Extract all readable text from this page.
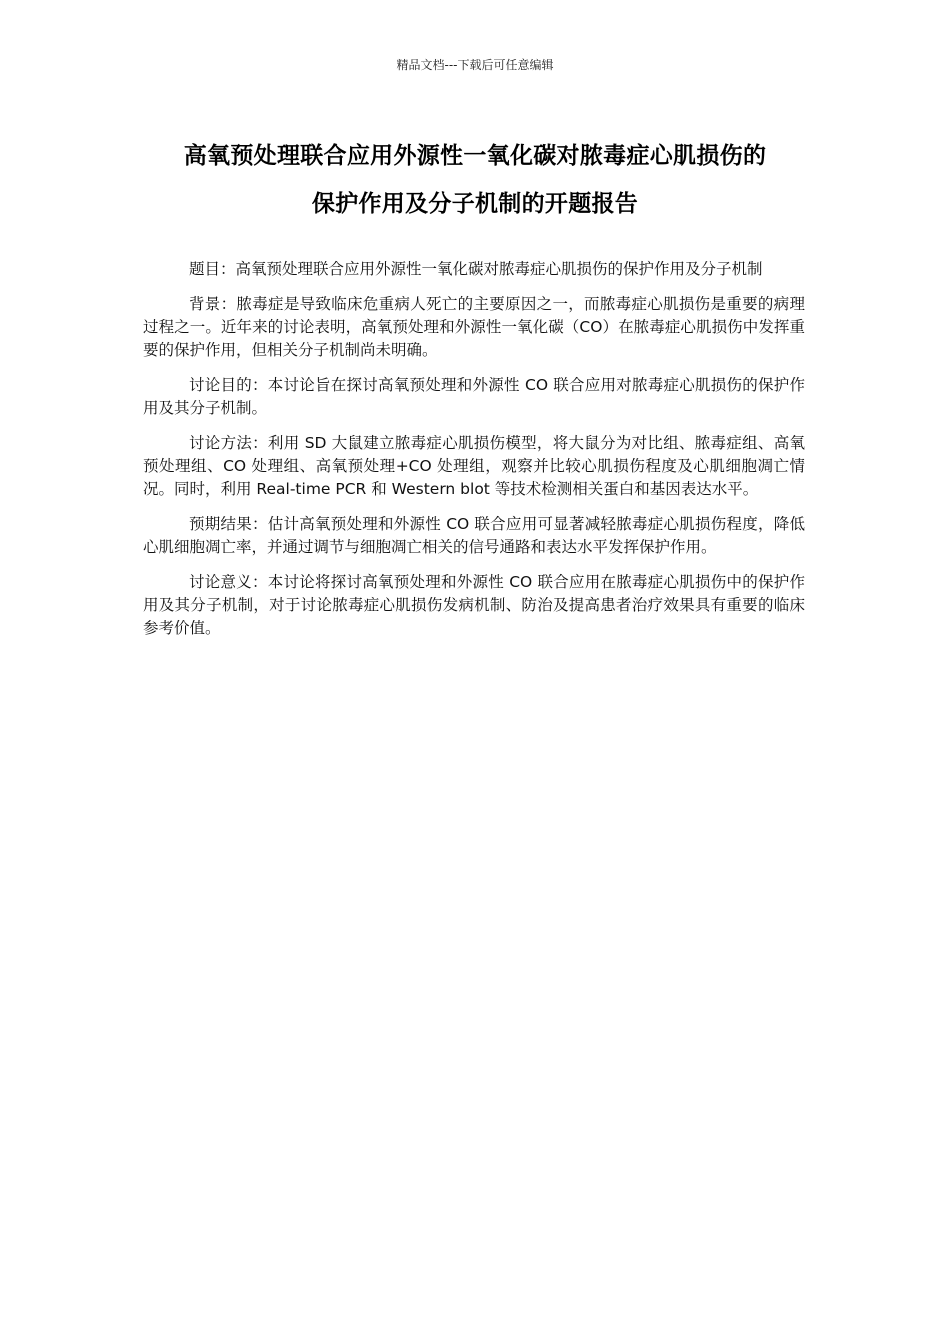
精品文档---下载后可任意编辑
高氧预处理联合应用外源性一氧化碳对脓毒症心肌损伤的
保护作用及分子机制的开题报告

题目：高氧预处理联合应用外源性一氧化碳对脓毒症心肌损伤的保护作用及分子机制

背景：脓毒症是导致临床危重病人死亡的主要原因之一，而脓毒症心肌损伤是重要的病理过程之一。近年来的讨论表明，高氧预处理和外源性一氧化碳（CO）在脓毒症心肌损伤中发挥重要的保护作用，但相关分子机制尚未明确。

讨论目的：本讨论旨在探讨高氧预处理和外源性 CO 联合应用对脓毒症心肌损伤的保护作用及其分子机制。

讨论方法：利用 SD 大鼠建立脓毒症心肌损伤模型，将大鼠分为对比组、脓毒症组、高氧预处理组、CO 处理组、高氧预处理+CO 处理组，观察并比较心肌损伤程度及心肌细胞凋亡情况。同时，利用 Real-time PCR 和 Western blot 等技术检测相关蛋白和基因表达水平。

预期结果：估计高氧预处理和外源性 CO 联合应用可显著减轻脓毒症心肌损伤程度，降低心肌细胞凋亡率，并通过调节与细胞凋亡相关的信号通路和表达水平发挥保护作用。

讨论意义：本讨论将探讨高氧预处理和外源性 CO 联合应用在脓毒症心肌损伤中的保护作用及其分子机制，对于讨论脓毒症心肌损伤发病机制、防治及提高患者治疗效果具有重要的临床参考价值。
